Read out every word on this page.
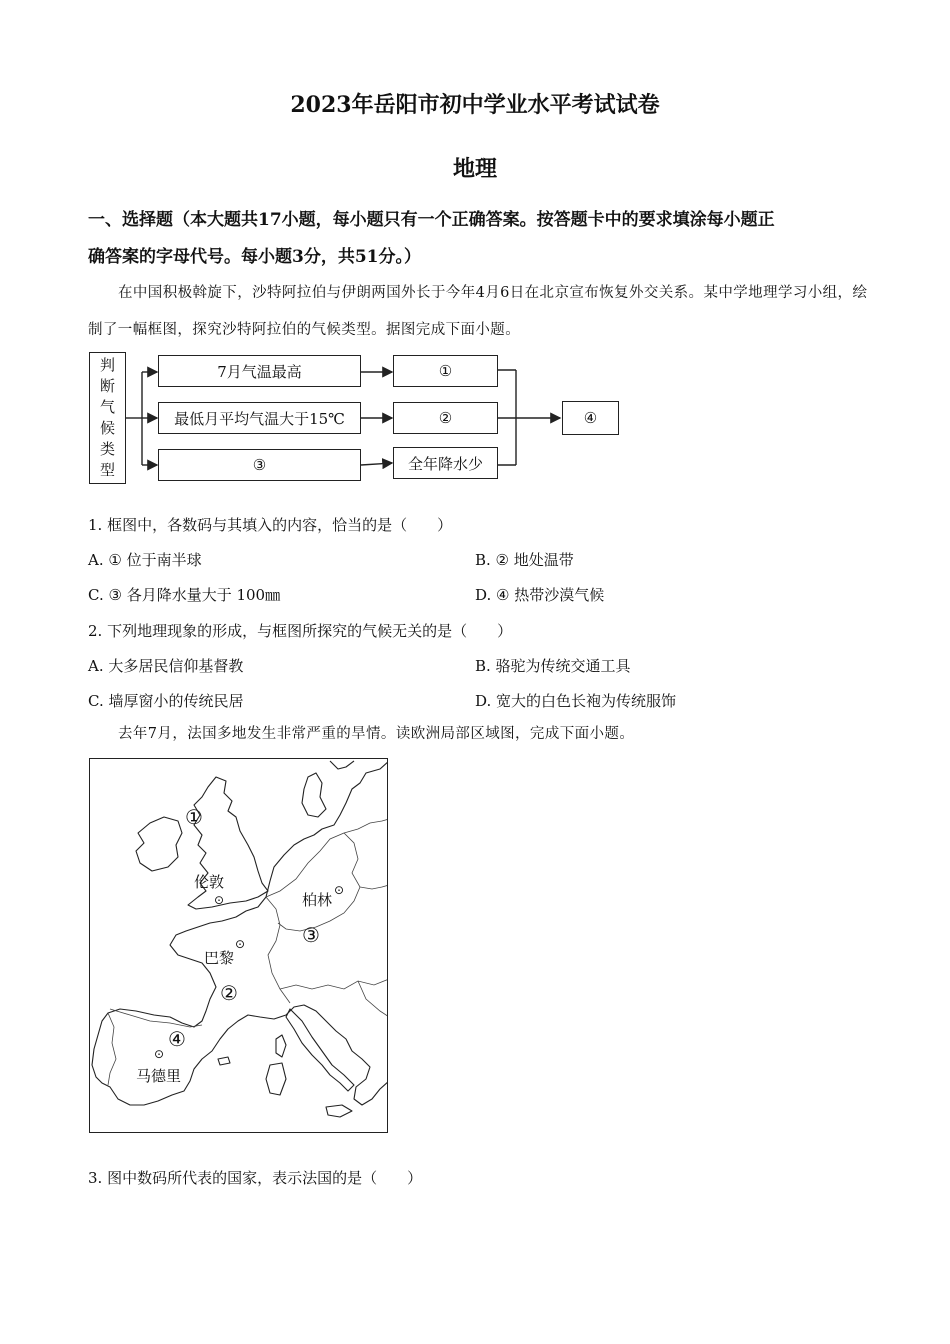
2023年岳阳市初中学业水平考试试卷
地理
一、选择题（本大题共17小题，每小题只有一个正确答案。按答题卡中的要求填涂每小题正
确答案的字母代号。每小题3分，共51分。）
在中国积极斡旋下，沙特阿拉伯与伊朗两国外长于今年4月6日在北京宣布恢复外交关系。某中学地理学习小组，绘制了一幅框图，探究沙特阿拉伯的气候类型。据图完成下面小题。
判
断
气
候
类
型
7月气温最高	①
最低月平均气温大于15℃	②
③	全年降水少
④
1. 框图中，各数码与其填入的内容，恰当的是（　　）
A. ① 位于南半球	B. ② 地处温带
C. ③ 各月降水量大于 100㎜	D. ④ 热带沙漠气候
2. 下列地理现象的形成，与框图所探究的气候无关的是（　　）
A. 大多居民信仰基督教	B. 骆驼为传统交通工具
C. 墙厚窗小的传统民居	D. 宽大的白色长袍为传统服饰
去年7月，法国多地发生非常严重的旱情。读欧洲局部区域图，完成下面小题。
①
伦敦
⊙	柏林
⊙
③
⊙
巴黎
②
④
⊙
马德里
3. 图中数码所代表的国家，表示法国的是（　　）
